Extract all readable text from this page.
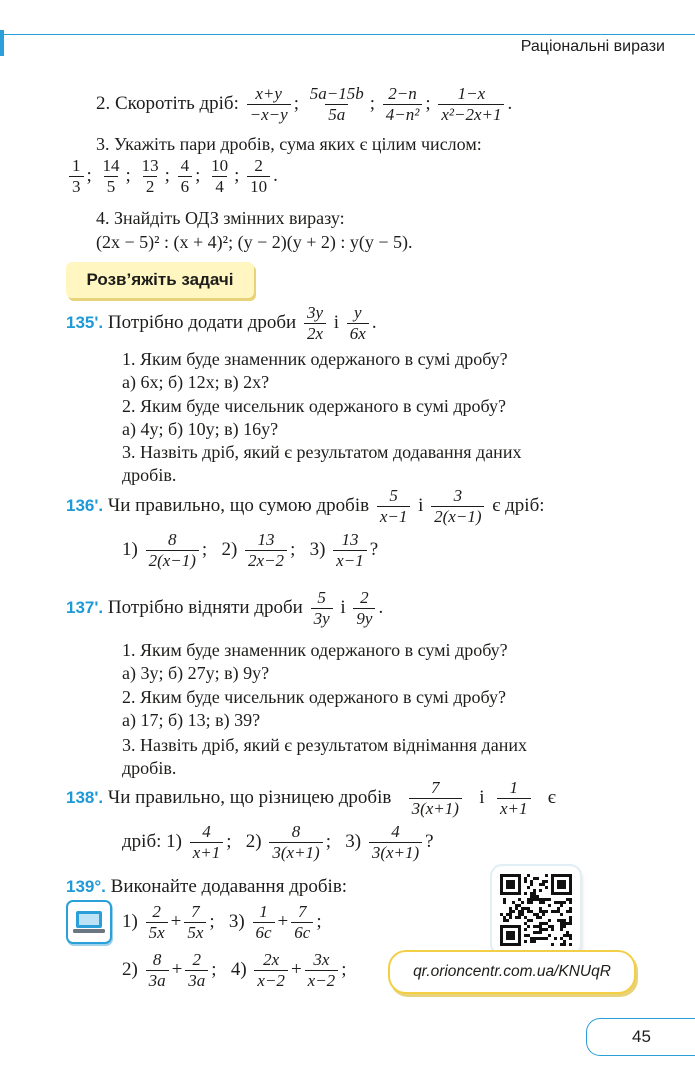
Раціональні вирази
2. Скоротіть дріб: $\frac{x+y}{-x-y}$ ; $\frac{5a-15b}{5a}$ ; $\frac{2-n}{\text{4−n²}}$ ; $\frac{1-x}{\text{x²−2x+1}}$ .
3. Укажіть пари дробів, сума яких є цілим числом:
$\frac{1}{3}$ ; $\frac{14}{5}$ ; $\frac{13}{2}$ ; $\frac{4}{6}$ ; $\frac{10}{4}$ ; $\frac{2}{10}$ .
4. Знайдіть ОДЗ змінних виразу:
(2x − 5)² : (x + 4)²; (y − 2)(y + 2) : y(y − 5).
Розв’яжіть задачі
135'. Потрібно додати дроби $\frac{3y}{2x}$ і $\frac{y}{6x}$ .
1. Яким буде знаменник одержаного в сумі дробу?
а) 6x; б) 12x; в) 2x?
2. Яким буде чисельник одержаного в сумі дробу?
а) 4y; б) 10y; в) 16y?
3. Назвіть дріб, який є результатом додавання даних
дробів.
136'. Чи правильно, що сумою дробів $\frac{5}{x-1}$ і $\frac{3}{2(x-1)}$ є дріб:
$1) \frac{8}{2(x-1)}$ ;   $2) \frac{13}{2x-2}$ ;   $3) \frac{13}{x-1}$ ?
137'. Потрібно відняти дроби $\frac{5}{3y}$ і $\frac{2}{9y}$ .
1. Яким буде знаменник одержаного в сумі дробу?
а) 3y; б) 27y; в) 9y?
2. Яким буде чисельник одержаного в сумі дробу?
а) 17; б) 13; в) 39?
3. Назвіть дріб, який є результатом віднімання даних
дробів.
138'. Чи правильно, що різницею дробів $\frac{7}{3(x+1)}$ і $\frac{1}{x+1}$ є
дріб: $1) \frac{4}{x+1}$ ;   $2) \frac{8}{3(x+1)}$ ;   $3) \frac{4}{3(x+1)}$ ?
139°. Виконайте додавання дробів:
$1) \frac{2}{5x} + \frac{7}{5x}$ ;   $3) \frac{1}{6c} + \frac{7}{6c}$ ;
$2) \frac{8}{3a} + \frac{2}{3a}$ ;   $4) \frac{2x}{x-2} + \frac{3x}{x-2}$ ;	qr.orioncentr.com.ua/KNUqR
45
